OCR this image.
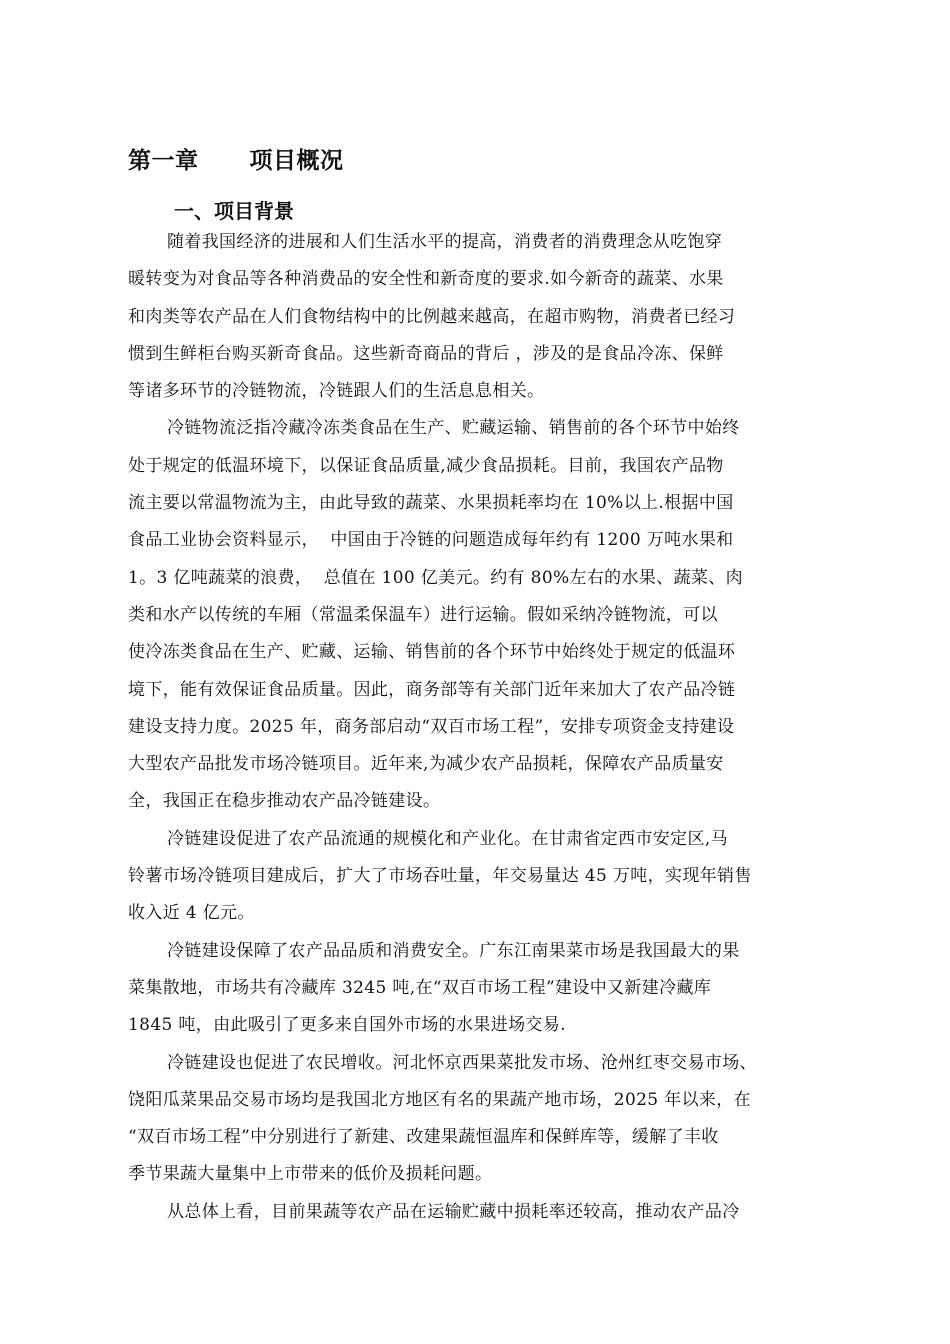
第一章      项目概况
一、项目背景
随着我国经济的进展和人们生活水平的提高，消费者的消费理念从吃饱穿
暖转变为对食品等各种消费品的安全性和新奇度的要求.如今新奇的蔬菜、水果
和肉类等农产品在人们食物结构中的比例越来越高，在超市购物，消费者已经习
惯到生鲜柜台购买新奇食品。这些新奇商品的背后 ，涉及的是食品冷冻、保鲜
等诸多环节的冷链物流，冷链跟人们的生活息息相关。
冷链物流泛指冷藏冷冻类食品在生产、贮藏运输、销售前的各个环节中始终
处于规定的低温环境下，以保证食品质量,减少食品损耗。目前，我国农产品物
流主要以常温物流为主，由此导致的蔬菜、水果损耗率均在 10%以上.根据中国
食品工业协会资料显示，  中国由于冷链的问题造成每年约有 1200 万吨水果和
1。3 亿吨蔬菜的浪费，  总值在 100 亿美元。约有 80%左右的水果、蔬菜、肉
类和水产以传统的车厢（常温柔保温车）进行运输。假如采纳冷链物流，可以
使冷冻类食品在生产、贮藏、运输、销售前的各个环节中始终处于规定的低温环
境下，能有效保证食品质量。因此，商务部等有关部门近年来加大了农产品冷链
建设支持力度。2025 年，商务部启动“双百市场工程”，安排专项资金支持建设
大型农产品批发市场冷链项目。近年来,为减少农产品损耗，保障农产品质量安
全，我国正在稳步推动农产品冷链建设。
冷链建设促进了农产品流通的规模化和产业化。在甘肃省定西市安定区,马
铃薯市场冷链项目建成后，扩大了市场吞吐量，年交易量达 45 万吨，实现年销售
收入近 4 亿元。
冷链建设保障了农产品品质和消费安全。广东江南果菜市场是我国最大的果
菜集散地，市场共有冷藏库 3245 吨,在“双百市场工程”建设中又新建冷藏库
1845 吨，由此吸引了更多来自国外市场的水果进场交易.
冷链建设也促进了农民增收。河北怀京西果菜批发市场、沧州红枣交易市场、
饶阳瓜菜果品交易市场均是我国北方地区有名的果蔬产地市场，2025 年以来，在
“双百市场工程”中分别进行了新建、改建果蔬恒温库和保鲜库等，缓解了丰收
季节果蔬大量集中上市带来的低价及损耗问题。
从总体上看，目前果蔬等农产品在运输贮藏中损耗率还较高，推动农产品冷
